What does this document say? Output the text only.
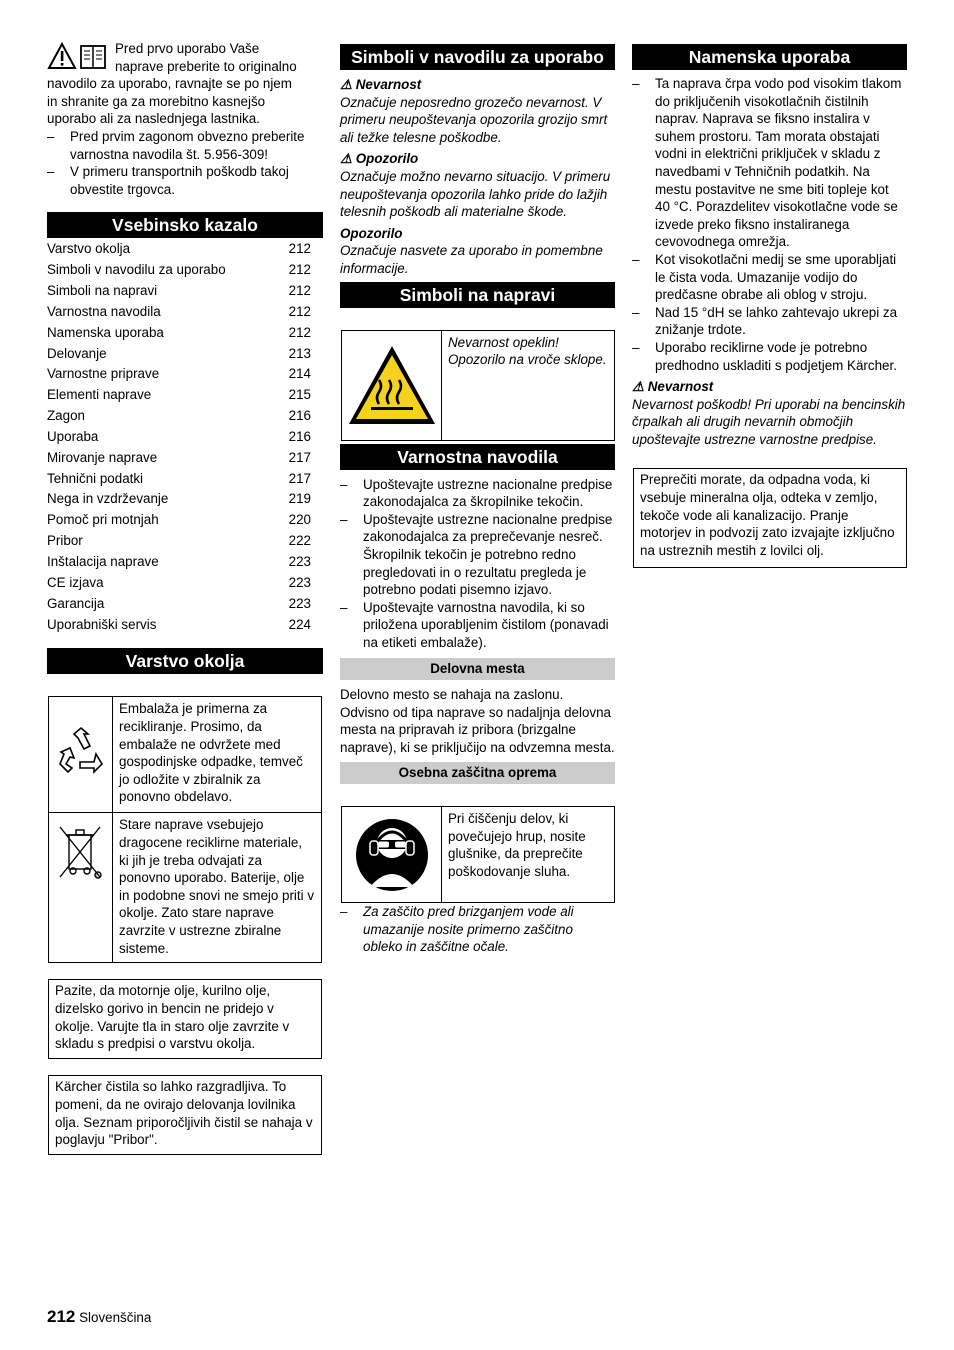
Pred prvo uporabo Vaše naprave preberite to originalno navodilo za uporabo, ravnajte se po njem in shranite ga za morebitno kasnejšo uporabo ali za naslednjega lastnika.

– Pred prvim zagonom obvezno preberite varnostna navodila št. 5.956-309!
– V primeru transportnih poškodb takoj obvestite trgovca.
Vsebinsko kazalo
Varstvo okolja	212
Simboli v navodilu za uporabo	212
Simboli na napravi	212
Varnostna navodila	212
Namenska uporaba	212
Delovanje	213
Varnostne priprave	214
Elementi naprave	215
Zagon	216
Uporaba	216
Mirovanje naprave	217
Tehnični podatki	217
Nega in vzdrževanje	219
Pomoč pri motnjah	220
Pribor	222
Inštalacija naprave	223
CE izjava	223
Garancija	223
Uporabniški servis	224
Varstvo okolja
	Embalaža je primerna za recikliranje. Prosimo, da embalaže ne odvržete med gospodinjske odpadke, temveč jo odložite v zbiralnik za ponovno obdelavo.

c	Stare naprave vsebujejo dragocene reciklirne materiale, ki jih je treba odvajati za ponovno uporabo. Baterije, olje in podobne snovi ne smejo priti v okolje. Zato stare naprave zavrzite v ustrezne zbiralne sisteme.
Pazite, da motornje olje, kurilno olje, dizelsko gorivo in bencin ne pridejo v okolje. Varujte tla in staro olje zavrzite v skladu s predpisi o varstvu okolja.
Kärcher čistila so lahko razgradljiva. To pomeni, da ne ovirajo delovanja lovilnika olja. Seznam priporočljivih čistil se nahaja v poglavju "Pribor".
Simboli v navodilu za uporabo
⚠ Nevarnost

Označuje neposredno grozečo nevarnost. V primeru neupoštevanja opozorila grozijo smrt ali težke telesne poškodbe.

⚠ Opozorilo

Označuje možno nevarno situacijo. V primeru neupoštevanja opozorila lahko pride do lažjih telesnih poškodb ali materialne škode.

Opozorilo

Označuje nasvete za uporabo in pomembne informacije.

Simboli na napravi
	Nevarnost opeklin! Opozorilo na vroče sklope.
Varnostna navodila
– Upoštevajte ustrezne nacionalne predpise zakonodajalca za škropilnike tekočin.
– Upoštevajte ustrezne nacionalne predpise zakonodajalca za preprečevanje nesreč. Škropilnik tekočin je potrebno redno pregledovati in o rezultatu pregleda je potrebno podati pisemno izjavo.
– Upoštevajte varnostna navodila, ki so priložena uporabljenim čistilom (ponavadi na etiketi embalaže).
Delovna mesta

Delovno mesto se nahaja na zaslonu. Odvisno od tipa naprave so nadaljnja delovna mesta na pripravah iz pribora (brizgalne naprave), ki se priključijo na odvzemna mesta.

Osebna zaščitna oprema
	Pri čiščenju delov, ki povečujejo hrup, nosite glušnike, da preprečite poškodovanje sluha.
– Za zaščito pred brizganjem vode ali umazanije nosite primerno zaščitno obleko in zaščitne očale.
Namenska uporaba
– Ta naprava črpa vodo pod visokim tlakom do priključenih visokotlačnih čistilnih naprav. Naprava se fiksno instalira v suhem prostoru. Tam morata obstajati vodni in električni priključek v skladu z navedbami v Tehničnih podatkih. Na mestu postavitve ne sme biti topleje kot 40 °C. Porazdelitev visokotlačne vode se izvede preko fiksno instaliranega cevovodnega omrežja.
– Kot visokotlačni medij se sme uporabljati le čista voda. Umazanije vodijo do predčasne obrabe ali oblog v stroju.
– Nad 15 °dH se lahko zahtevajo ukrepi za znižanje trdote.
– Uporabo reciklirne vode je potrebno predhodno uskladiti s podjetjem Kärcher.
⚠ Nevarnost

Nevarnost poškodb! Pri uporabi na bencinskih črpalkah ali drugih nevarnih območjih upoštevajte ustrezne varnostne predpise.

Preprečiti morate, da odpadna voda, ki vsebuje mineralna olja, odteka v zemljo, tekoče vode ali kanalizacijo. Pranje motorjev in podvozij zato izvajajte izključno na ustreznih mestih z lovilci olj.
212 Slovenščina
